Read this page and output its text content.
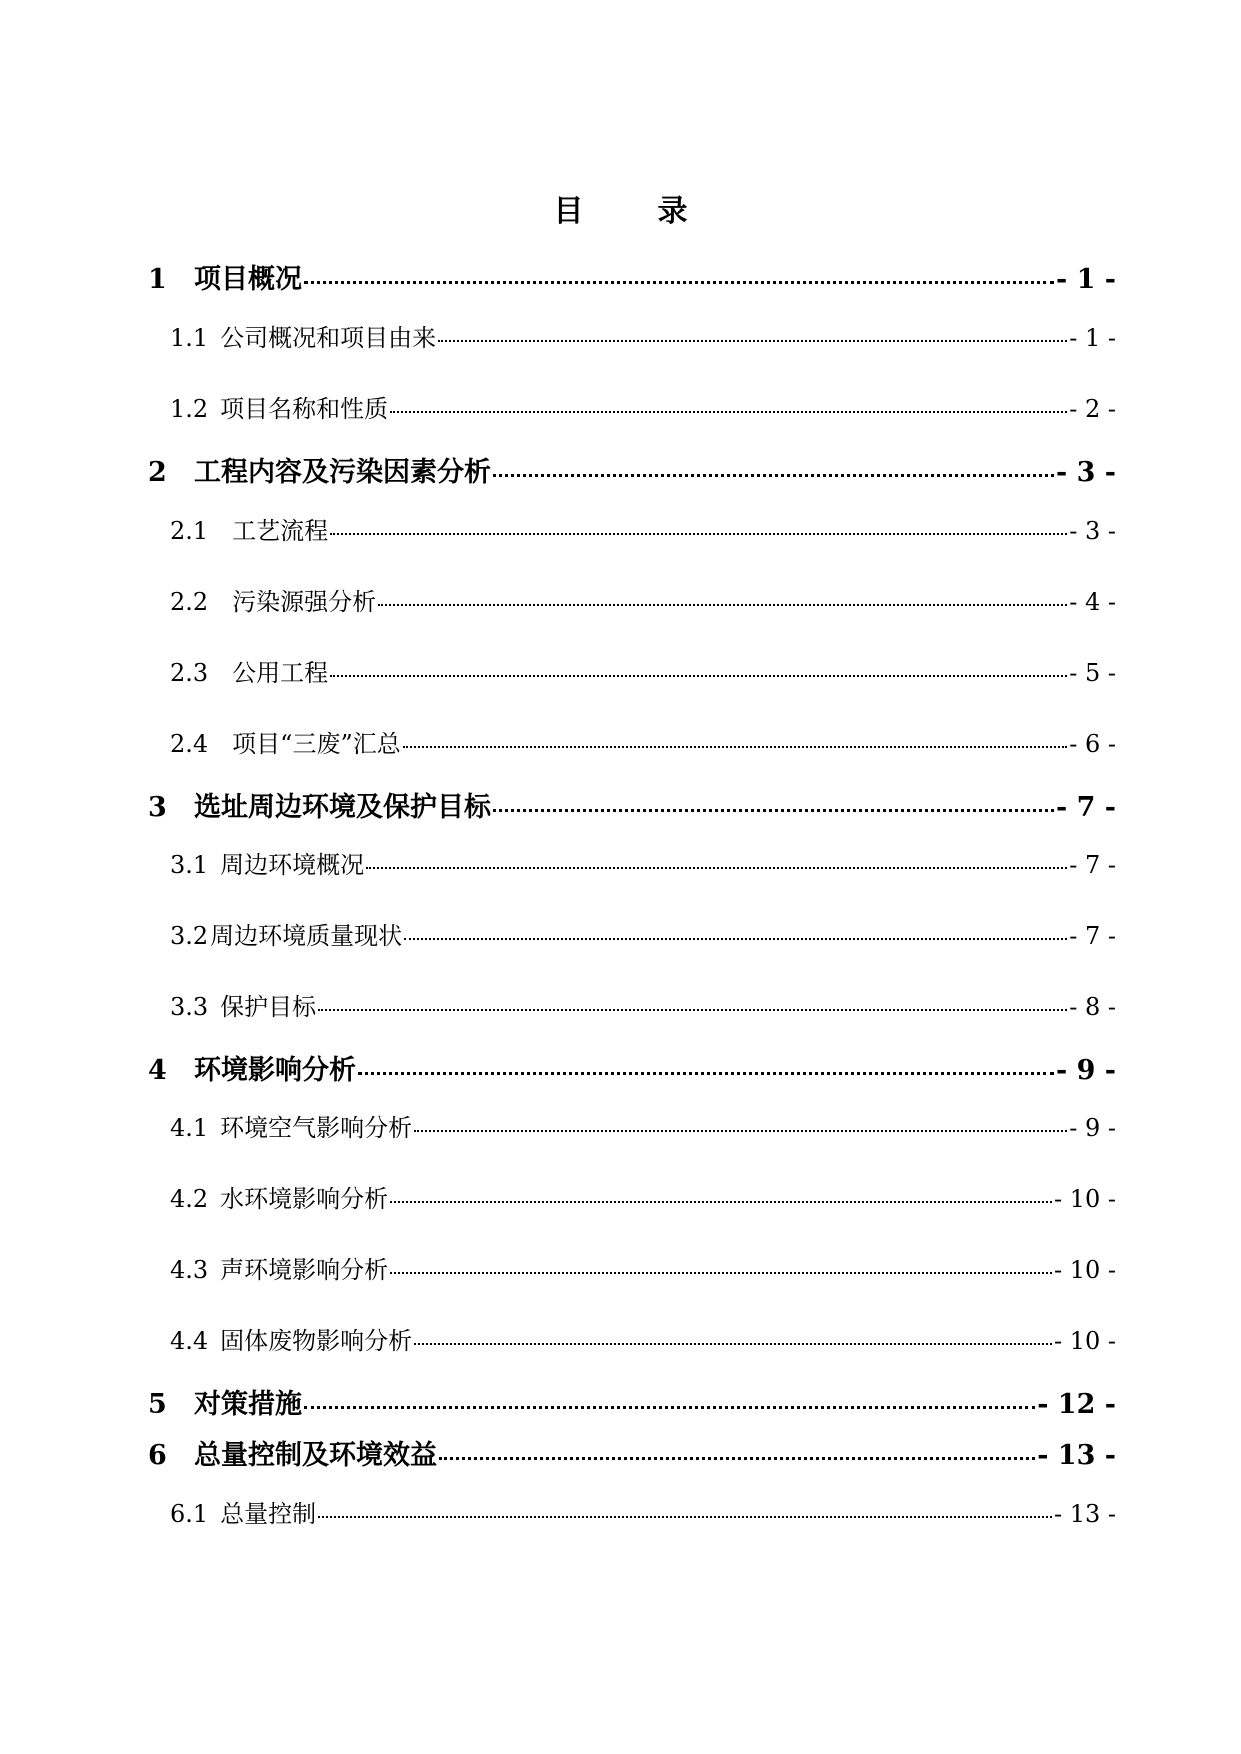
目 录
1	项目概况	- 1 -
1.1 公司概况和项目由来	- 1 -
1.2 项目名称和性质	- 2 -
2	工程内容及污染因素分析	- 3 -
2.1 工艺流程	- 3 -
2.2 污染源强分析	- 4 -
2.3 公用工程	- 5 -
2.4 项目“三废”汇总	- 6 -
3	选址周边环境及保护目标	- 7 -
3.1 周边环境概况	- 7 -
3.2 周边环境质量现状	- 7 -
3.3 保护目标	- 8 -
4	环境影响分析	- 9 -
4.1 环境空气影响分析	- 9 -
4.2 水环境影响分析	- 10 -
4.3 声环境影响分析	- 10 -
4.4 固体废物影响分析	- 10 -
5	对策措施	- 12 -
6	总量控制及环境效益	- 13 -
6.1 总量控制	- 13 -
